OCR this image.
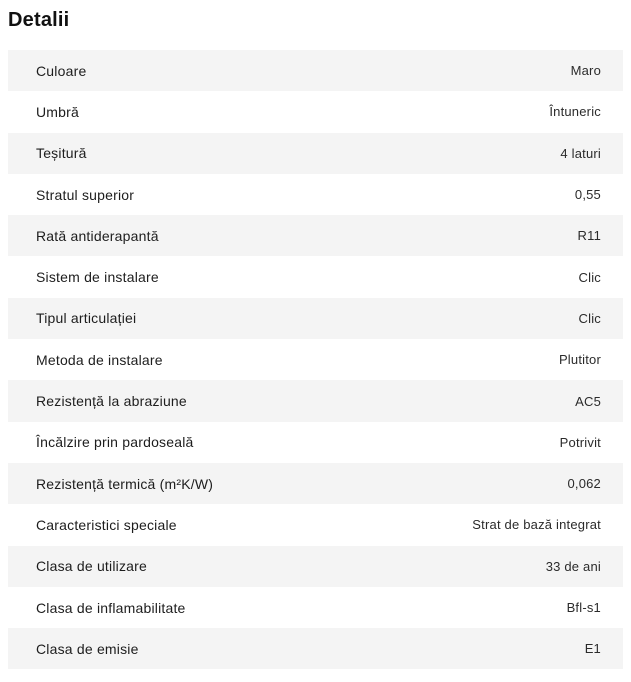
Detalii
Culoare	Maro
Umbră	Întuneric
Teșitură	4 laturi
Stratul superior	0,55
Rată antiderapantă	R11
Sistem de instalare	Clic
Tipul articulației	Clic
Metoda de instalare	Plutitor
Rezistență la abraziune	AC5
Încălzire prin pardoseală	Potrivit
Rezistență termică (m²K/W)	0,062
Caracteristici speciale	Strat de bază integrat
Clasa de utilizare	33 de ani
Clasa de inflamabilitate	Bfl-s1
Clasa de emisie	E1
